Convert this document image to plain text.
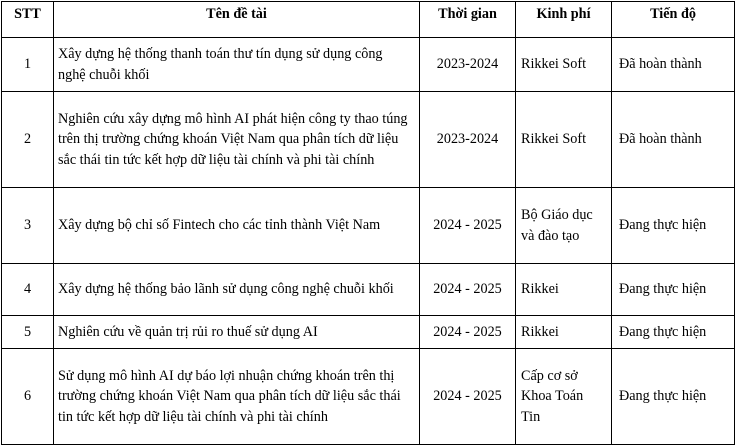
STT	Tên đề tài	Thời gian	Kinh phí	Tiến độ
1	Xây dựng hệ thống thanh toán thư tín dụng sử dụng công nghệ chuỗi khối	2023-2024	Rikkei Soft	Đã hoàn thành
2	Nghiên cứu xây dựng mô hình AI phát hiện công ty thao túng trên thị trường chứng khoán Việt Nam qua phân tích dữ liệu sắc thái tin tức kết hợp dữ liệu tài chính và phi tài chính	2023-2024	Rikkei Soft	Đã hoàn thành
3	Xây dựng bộ chỉ số Fintech cho các tỉnh thành Việt Nam	2024 - 2025	Bộ Giáo dục và đào tạo	Đang thực hiện
4	Xây dựng hệ thống bảo lãnh sử dụng công nghệ chuỗi khối	2024 - 2025	Rikkei	Đang thực hiện
5	Nghiên cứu về quản trị rủi ro thuế sử dụng AI	2024 - 2025	Rikkei	Đang thực hiện
6	Sử dụng mô hình AI dự báo lợi nhuận chứng khoán trên thị trường chứng khoán Việt Nam qua phân tích dữ liệu sắc thái tin tức kết hợp dữ liệu tài chính và phi tài chính	2024 - 2025	Cấp cơ sở Khoa Toán Tin	Đang thực hiện
